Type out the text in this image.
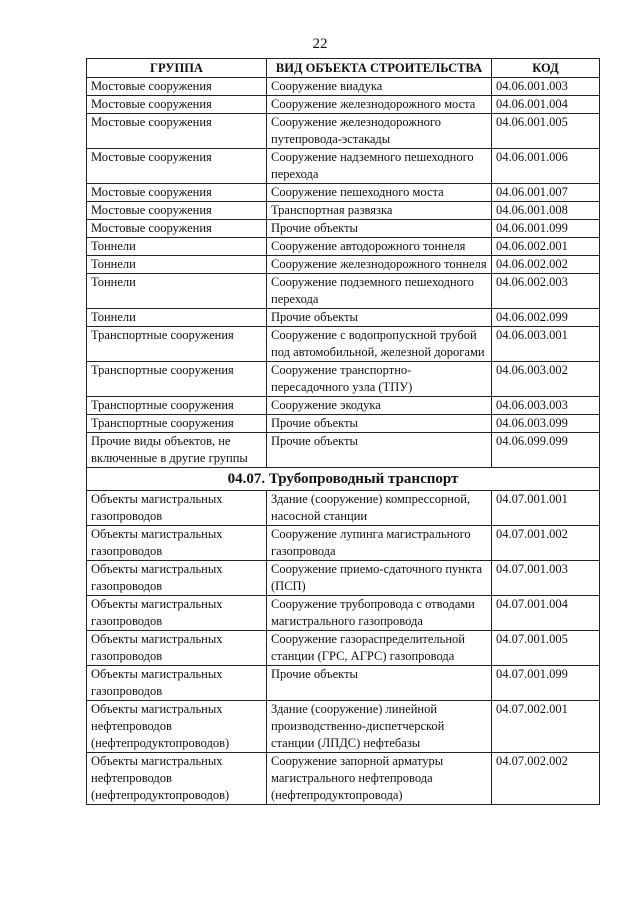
22
ГРУППА	ВИД ОБЪЕКТА СТРОИТЕЛЬСТВА	КОД
Мостовые сооружения	Сооружение виадука	04.06.001.003
Мостовые сооружения	Сооружение железнодорожного моста	04.06.001.004
Мостовые сооружения	Сооружение железнодорожного путепровода-эстакады	04.06.001.005
Мостовые сооружения	Сооружение надземного пешеходного перехода	04.06.001.006
Мостовые сооружения	Сооружение пешеходного моста	04.06.001.007
Мостовые сооружения	Транспортная развязка	04.06.001.008
Мостовые сооружения	Прочие объекты	04.06.001.099
Тоннели	Сооружение автодорожного тоннеля	04.06.002.001
Тоннели	Сооружение железнодорожного тоннеля	04.06.002.002
Тоннели	Сооружение подземного пешеходного перехода	04.06.002.003
Тоннели	Прочие объекты	04.06.002.099
Транспортные сооружения	Сооружение с водопропускной трубой под автомобильной, железной дорогами	04.06.003.001
Транспортные сооружения	Сооружение транспортно-пересадочного узла (ТПУ)	04.06.003.002
Транспортные сооружения	Сооружение экодука	04.06.003.003
Транспортные сооружения	Прочие объекты	04.06.003.099
Прочие виды объектов, не включенные в другие группы	Прочие объекты	04.06.099.099
04.07. Трубопроводный транспорт		
Объекты магистральных газопроводов	Здание (сооружение) компрессорной, насосной станции	04.07.001.001
Объекты магистральных газопроводов	Сооружение лупинга магистрального газопровода	04.07.001.002
Объекты магистральных газопроводов	Сооружение приемо-сдаточного пункта (ПСП)	04.07.001.003
Объекты магистральных газопроводов	Сооружение трубопровода с отводами магистрального газопровода	04.07.001.004
Объекты магистральных газопроводов	Сооружение газораспределительной станции (ГРС, АГРС) газопровода	04.07.001.005
Объекты магистральных газопроводов	Прочие объекты	04.07.001.099
Объекты магистральных нефтепроводов (нефтепродуктопроводов)	Здание (сооружение) линейной производственно-диспетчерской станции (ЛПДС) нефтебазы	04.07.002.001
Объекты магистральных нефтепроводов (нефтепродуктопроводов)	Сооружение запорной арматуры магистрального нефтепровода (нефтепродуктопровода)	04.07.002.002
